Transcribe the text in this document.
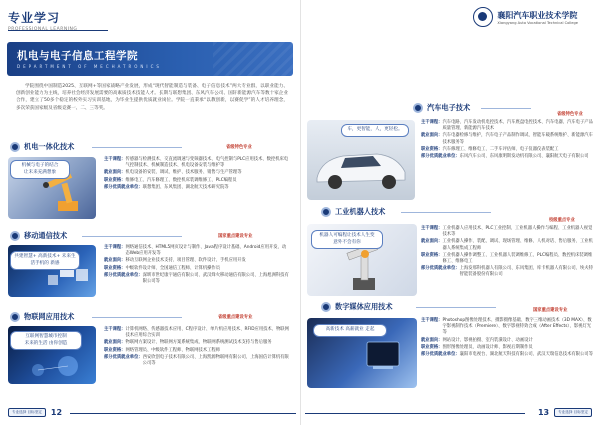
专业学习
机电与电子信息工程学院
DEPARTMENT OF MECHATRONICS
学院围绕中国制造2025、互联网+等国家战略产业发展，形成“现代智能制造与装备、电子信息技术”两大专业群，以职业能力、创新创业能力为主线，培养社会经济发展需要的高素质技术技能人才。长期与联想集团、东风汽车公司、国轩新能源汽车等数十家企业合作，建立了50多个稳定的校外实习实训基地，为毕业生提供优质就业岗位。学院一直秉承“以教创新，以赛促学”的人才培养理念，多次荣获国家级及省级竞赛一、二、三等奖。
机电一体化技术	省级特色专业
机械与电子的结合
让未来充满想象
主干课程： 传感器与检测技术、交直流调速与变频器技术、电气控制与PLC应用技术、数控机床电气控制技术、机械制造技术、机电设备安装与维护等
就业面向： 机电设备的安装、调试、维护、技术服务、销售与生产管理等
职业资格： 维修电工、汽车修理工、数控机床装调维修工、PLC编程员
部分优质就业单位： 联想集团、东风集团、湖北航天技术研究院等
移动通信技术	国家重点建设专业
共建智慧+ 高新技术+ 未来生活手机的 新感
主干课程： 网络通信技术、HTML5网页设计与制作、Java程序设计基础、Android应用开发、动态Web应用开发等
就业面向： 移动互联网企业技术支持、项目管理、软件设计、手机应用开发
职业资格： 中级软件设计师、全国通信工程师、计算机操作员
部分优质就业单位： 深圳市世纪康宇通信有限公司、武汉烽火移动通信有限公司、上海旭洲科技有限公司等
物联网应用技术	省级重点建设专业
互联网智慧城市控制
未来的生活 由你创造
主干课程： 计算机网络、传感器技术应用、C程序设计、单片机应用技术、RFID应用技术、物联网技术应用综合实训
就业面向： 物联网方案设计、物联网方案系统集成、物联网系统测试技术支持与售后服务
职业资格： 网络管理员、中级软件工程师、物联网技术工程师
部分优质就业单位： 西安欣创电子技术有限公司、上海凯源物联网有限公司、上海国信计算机有限公司等
专业选择 目标坚定	12
襄阳汽车职业技术学院
Xiangyang Auto Vocational Technical College
汽车电子技术
省级特色专业
车，更智能，人，更轻松。
主干课程： 汽车电路、汽车发动机电控技术、汽车底盘电控技术、汽车电器、汽车电子产品质量管理、新能源汽车技术
就业面向： 汽车电器检修与维护，汽车电子产品制作调试、智能车载系统维护、新能源汽车技术服务等
职业资格： 汽车修理工、维修电工、二手车评估师、电子仪器仪表装配工
部分优质就业单位： 东风汽车公司、东风康明斯发动机有限公司、襄阳航天电子有限公司
工业机器人技术
校级重点专业
机器人可编程让技术人生变
意外不会有你
主干课程： 工业机器人应用技术、PLC工业控制、工业机器人操作与编程、工业机器人视觉技术等
就业面向： 工业机器人操作、装配、调试、现场管理、维修、人机对话、售后服务、工业机器人系统集成工程师
职业资格： 工业机器人操作调整工、工业机器人装调维修工、PLC编程员、数控机床装调维修工、维修电工
部分优质就业单位： 上海发那科机器人有限公司、东风集团、库卡机器人有限公司、埃夫特智能装备股份有限公司
数字媒体应用技术	国家重点建设专业
高新技术 高薪就业 走起
主干课程： Photoshop图像处理技术、摄影摄像基础、数字三维动画技术（3D MAX）、数字影视制作技术（Premiere）、数字影视特效合成（After Effects）、影视灯光等
就业面向： 网站设计、影视拍摄、室内装潢设计、动画设计
职业资格： 图形图像处理员、动画设计师、影视后期制作员
部分优质就业单位： 襄阳市电视台、湖北航天科技有限公司、武汉天瑞信息技术有限公司等
13	专业选择 目标坚定
